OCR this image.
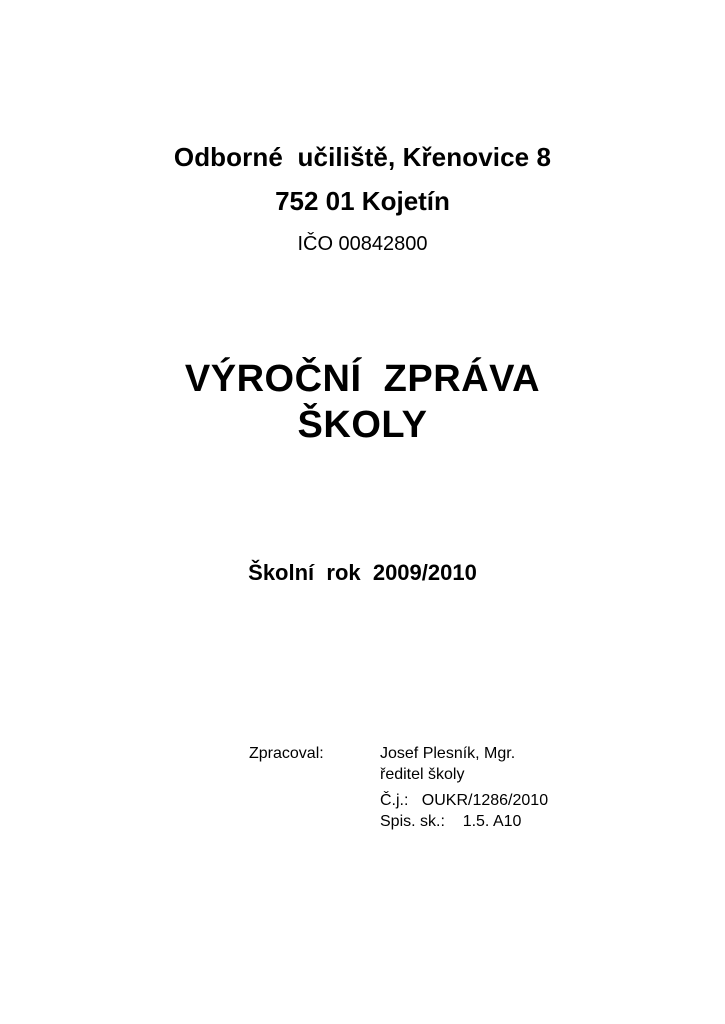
Odborné  učiliště, Křenovice 8
752 01 Kojetín
IČO 00842800
VÝROČNÍ  ZPRÁVA
ŠKOLY
Školní  rok  2009/2010
Zpracoval:	Josef Plesník, Mgr.
ředitel školy
Č.j.:   OUKR/1286/2010
Spis. sk.:    1.5. A10
